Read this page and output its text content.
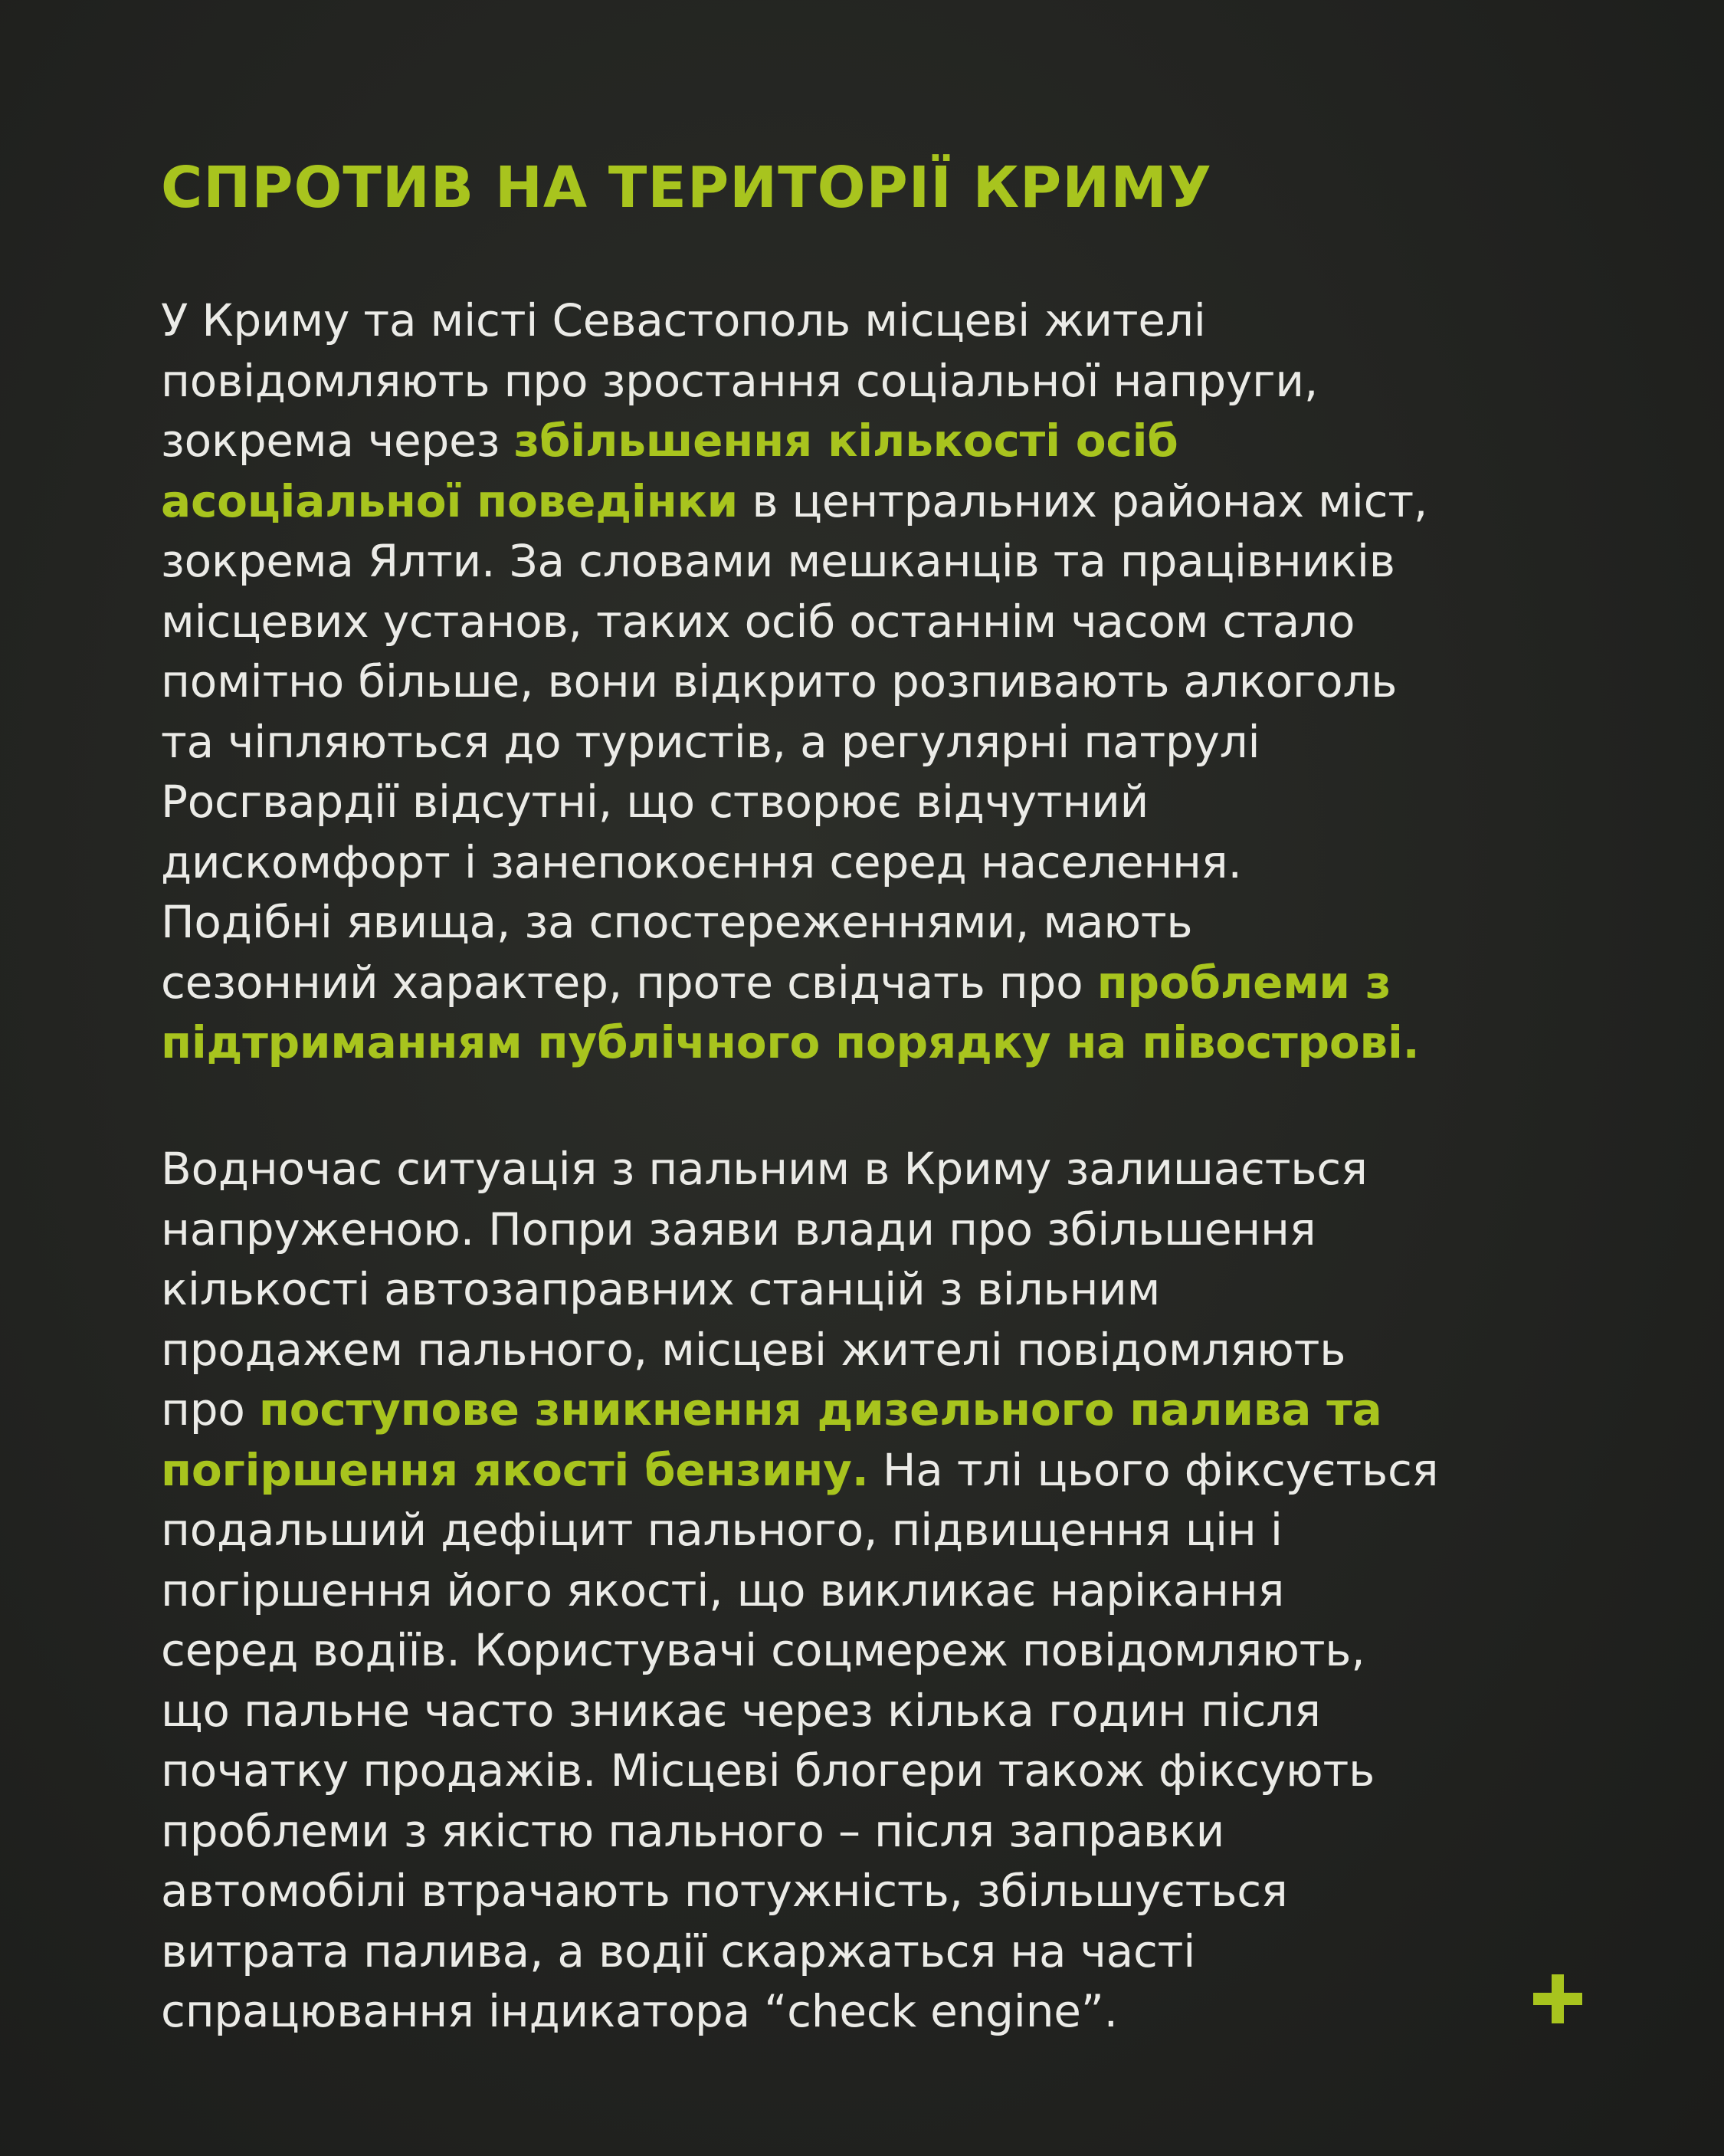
СПРОТИВ НА ТЕРИТОРІЇ КРИМУ

У Криму та місті Севастополь місцеві жителі
повідомляють про зростання соціальної напруги,
зокрема через збільшення кількості осіб
асоціальної поведінки в центральних районах міст,
зокрема Ялти. За словами мешканців та працівників
місцевих установ, таких осіб останнім часом стало
помітно більше, вони відкрито розпивають алкоголь
та чіпляються до туристів, а регулярні патрулі
Росгвардії відсутні, що створює відчутний
дискомфорт і занепокоєння серед населення.
Подібні явища, за спостереженнями, мають
сезонний характер, проте свідчать про проблеми з
підтриманням публічного порядку на півострові.

Водночас ситуація з пальним в Криму залишається
напруженою. Попри заяви влади про збільшення
кількості автозаправних станцій з вільним
продажем пального, місцеві жителі повідомляють
про поступове зникнення дизельного палива та
погіршення якості бензину. На тлі цього фіксується
подальший дефіцит пального, підвищення цін і
погіршення його якості, що викликає нарікання
серед водіїв. Користувачі соцмереж повідомляють,
що пальне часто зникає через кілька годин після
початку продажів. Місцеві блогери також фіксують
проблеми з якістю пального – після заправки
автомобілі втрачають потужність, збільшується
витрата палива, а водії скаржаться на часті
спрацювання індикатора “check engine”.
